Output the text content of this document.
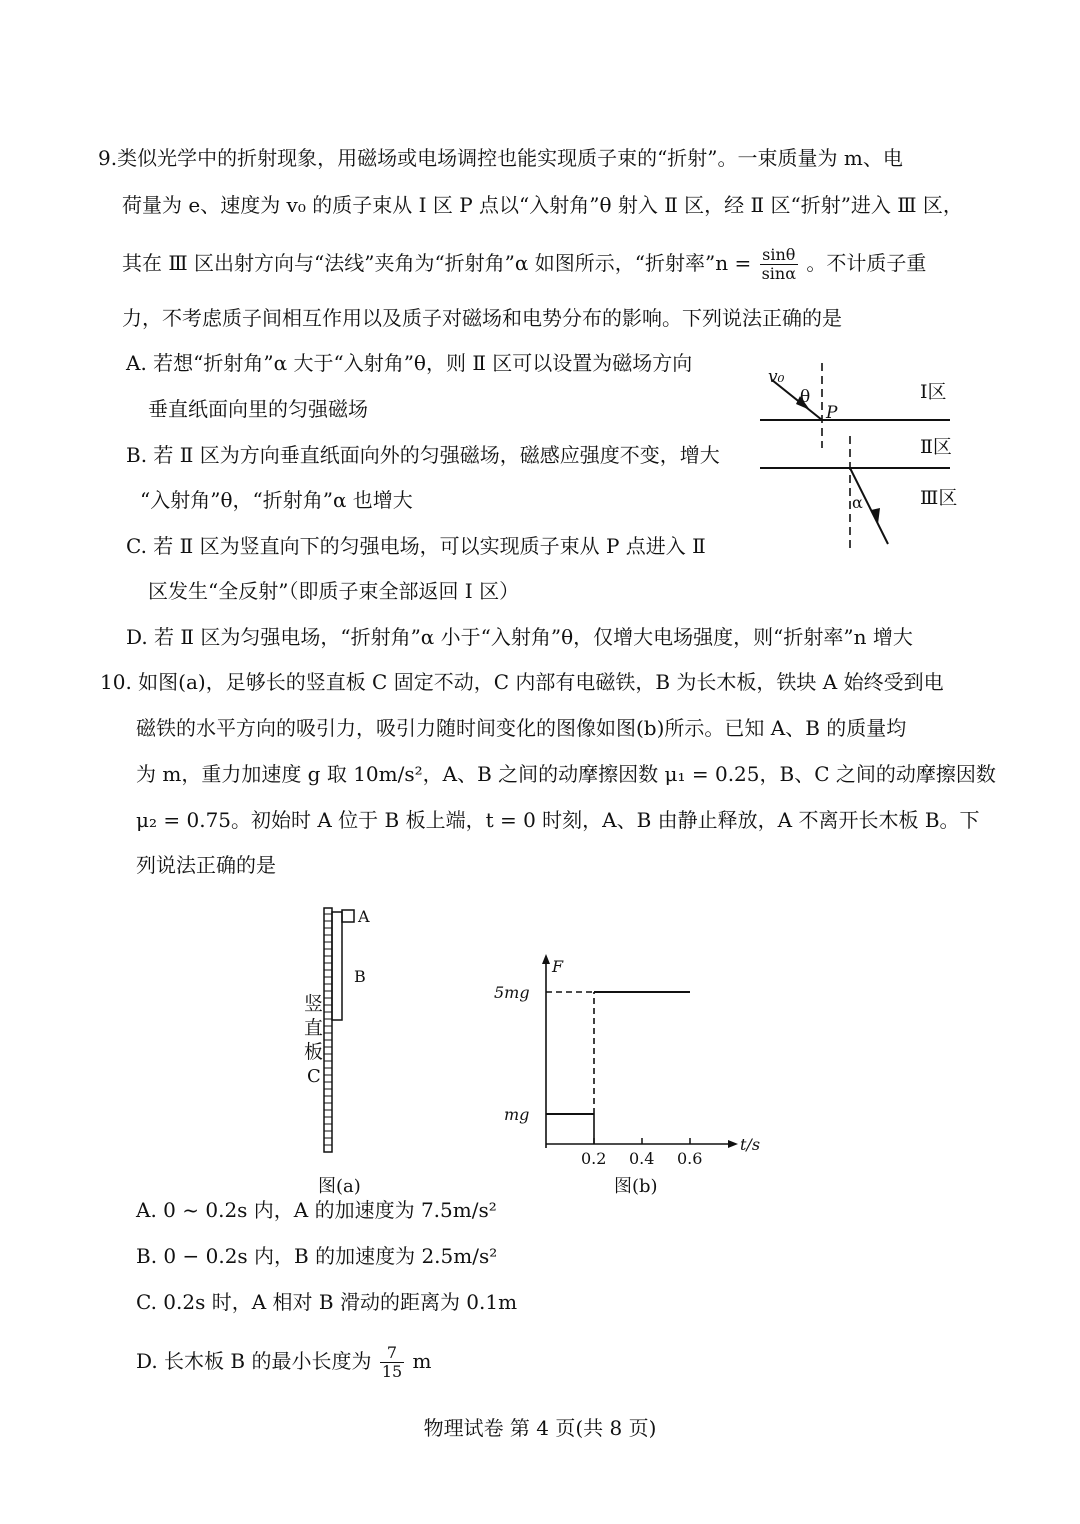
9.类似光学中的折射现象，用磁场或电场调控也能实现质子束的“折射”。一束质量为 m、电
荷量为 e、速度为 v₀ 的质子束从 Ⅰ 区 P 点以“入射角”θ 射入 Ⅱ 区，经 Ⅱ 区“折射”进入 Ⅲ 区，
其在 Ⅲ 区出射方向与“法线”夹角为“折射角”α 如图所示，“折射率”n = $\frac{\sin\theta}{\sin\alpha}$ 。不计质子重
力，不考虑质子间相互作用以及质子对磁场和电势分布的影响。下列说法正确的是
A. 若想“折射角”α 大于“入射角”θ，则 Ⅱ 区可以设置为磁场方向
垂直纸面向里的匀强磁场
B. 若 Ⅱ 区为方向垂直纸面向外的匀强磁场，磁感应强度不变，增大
“入射角”θ，“折射角”α 也增大
C. 若 Ⅱ 区为竖直向下的匀强电场，可以实现质子束从 P 点进入 Ⅱ
区发生“全反射”（即质子束全部返回 Ⅰ 区）
D. 若 Ⅱ 区为匀强电场，“折射角”α 小于“入射角”θ，仅增大电场强度，则“折射率”n 增大
v₀
θ
P
α
Ⅰ区
Ⅱ区
Ⅲ区
10. 如图(a)，足够长的竖直板 C 固定不动，C 内部有电磁铁，B 为长木板，铁块 A 始终受到电
磁铁的水平方向的吸引力，吸引力随时间变化的图像如图(b)所示。已知 A、B 的质量均
为 m，重力加速度 g 取 10m/s²，A、B 之间的动摩擦因数 μ₁ = 0.25，B、C 之间的动摩擦因数
μ₂ = 0.75。初始时 A 位于 B 板上端，t = 0 时刻，A、B 由静止释放，A 不离开长木板 B。下
列说法正确的是
A
B
竖
直
板
C
图(a)
F
t/s
0.2 0.4 0.6
5mg
mg
图(b)
A. 0 ~ 0.2s 内，A 的加速度为 7.5m/s²
B. 0 − 0.2s 内，B 的加速度为 2.5m/s²
C. 0.2s 时，A 相对 B 滑动的距离为 0.1m
D. 长木板 B 的最小长度为 $\frac{7}{15}$ m
物理试卷 第 4 页(共 8 页)
